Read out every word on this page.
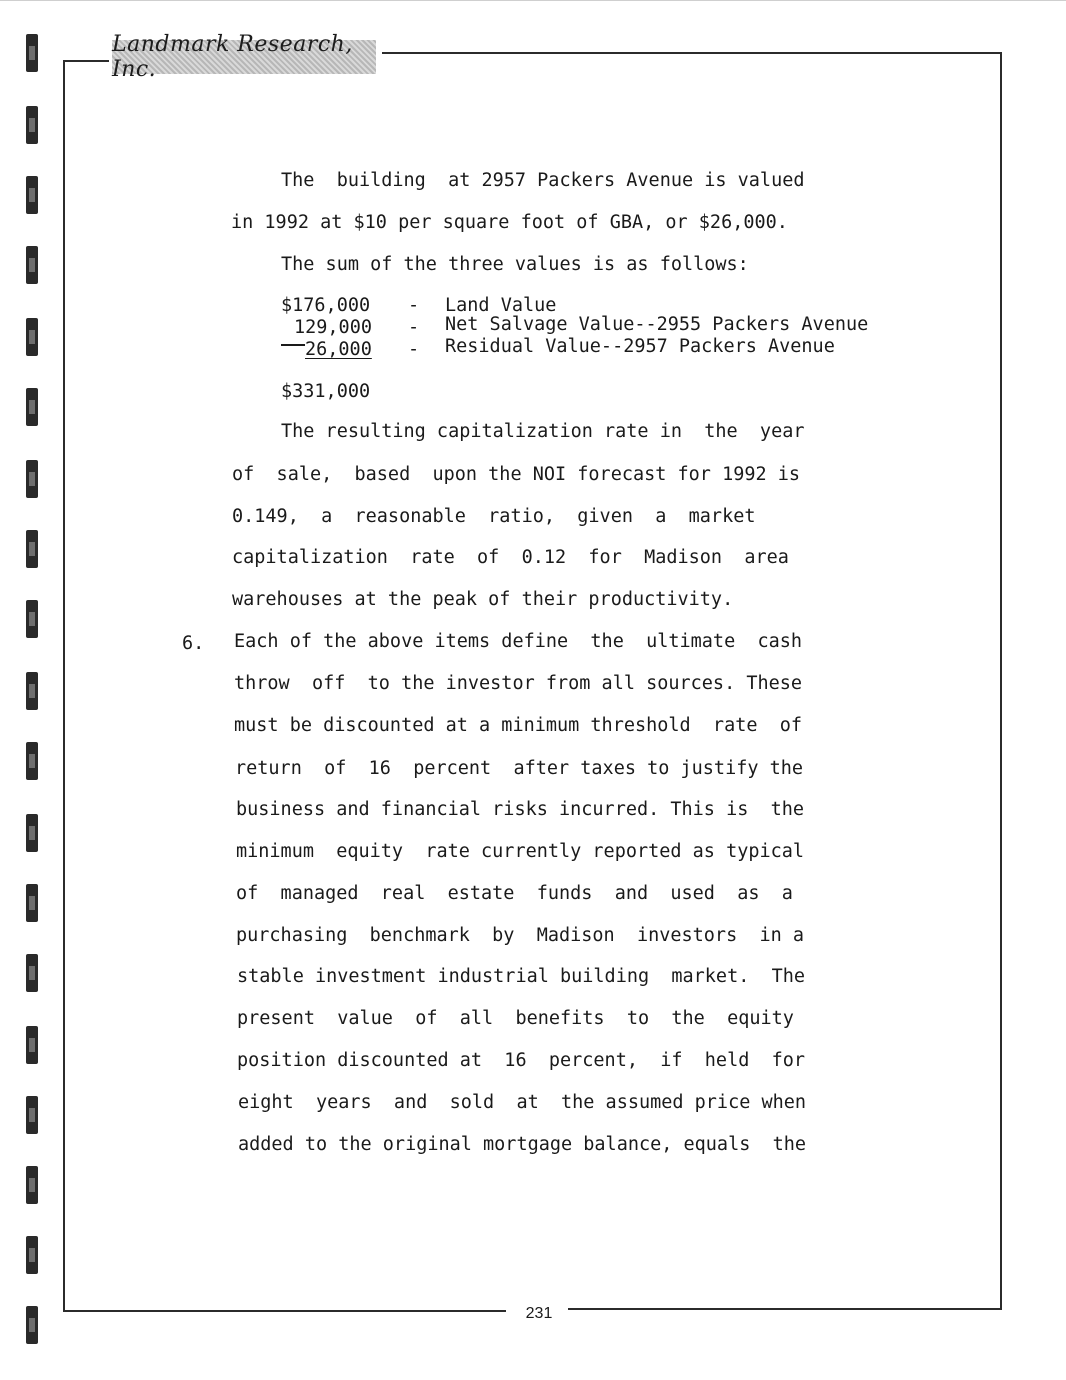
Landmark Research, Inc.
The  building  at 2957 Packers Avenue is valued
in 1992 at $10 per square foot of GBA, or $26,000.
The sum of the three values is as follows:
$176,000 - Land Value
129,000 - Net Salvage Value--2955 Packers Avenue
26,000 - Residual Value--2957 Packers Avenue
$331,000
The resulting capitalization rate in  the  year
of  sale,  based  upon the NOI forecast for 1992 is
0.149,  a  reasonable  ratio,  given  a  market
capitalization  rate  of  0.12  for  Madison  area
warehouses at the peak of their productivity.
6. Each of the above items define  the  ultimate  cash
throw  off  to the investor from all sources. These
must be discounted at a minimum threshold  rate  of
return  of  16  percent  after taxes to justify the
business and financial risks incurred. This is  the
minimum  equity  rate currently reported as typical
of  managed  real  estate  funds  and  used  as  a
purchasing  benchmark  by  Madison  investors  in a
stable investment industrial building  market.  The
present  value  of  all  benefits  to  the  equity
position discounted at  16  percent,  if  held  for
eight  years  and  sold  at  the assumed price when
added to the original mortgage balance, equals  the
231
